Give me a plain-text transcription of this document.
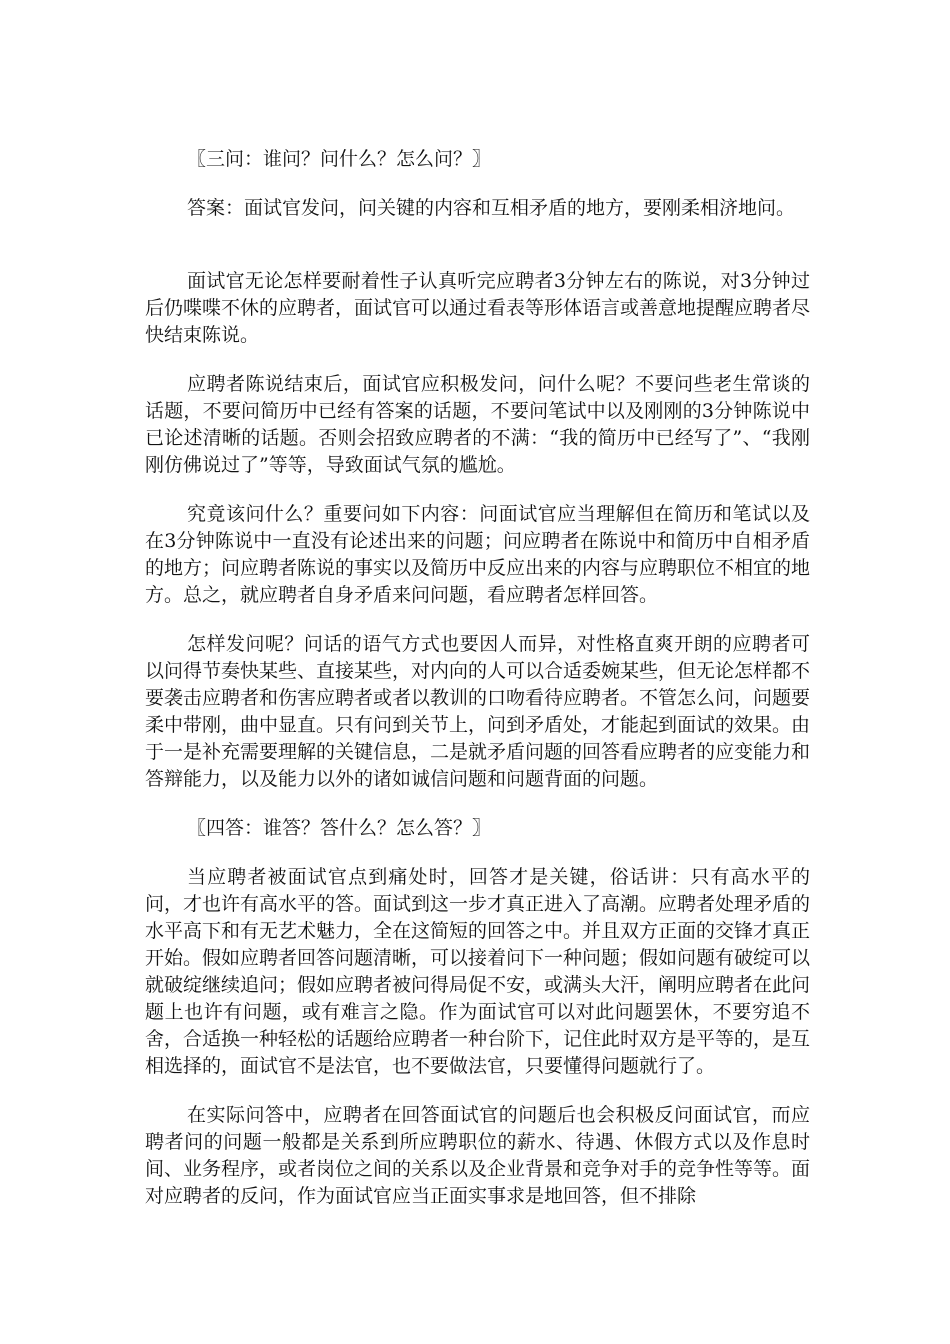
〖三问：谁问？问什么？怎么问？〗

答案：面试官发问，问关键的内容和互相矛盾的地方，要刚柔相济地问。

面试官无论怎样要耐着性子认真听完应聘者3分钟左右的陈说，对3分钟过后仍喋喋不休的应聘者，面试官可以通过看表等形体语言或善意地提醒应聘者尽快结束陈说。

应聘者陈说结束后，面试官应积极发问，问什么呢？不要问些老生常谈的话题，不要问简历中已经有答案的话题，不要问笔试中以及刚刚的3分钟陈说中已论述清晰的话题。否则会招致应聘者的不满：“我的简历中已经写了”、“我刚刚仿佛说过了”等等，导致面试气氛的尴尬。

究竟该问什么？重要问如下内容：问面试官应当理解但在简历和笔试以及在3分钟陈说中一直没有论述出来的问题；问应聘者在陈说中和简历中自相矛盾的地方；问应聘者陈说的事实以及简历中反应出来的内容与应聘职位不相宜的地方。总之，就应聘者自身矛盾来问问题，看应聘者怎样回答。

怎样发问呢？问话的语气方式也要因人而异，对性格直爽开朗的应聘者可以问得节奏快某些、直接某些，对内向的人可以合适委婉某些，但无论怎样都不要袭击应聘者和伤害应聘者或者以教训的口吻看待应聘者。不管怎么问，问题要柔中带刚，曲中显直。只有问到关节上，问到矛盾处，才能起到面试的效果。由于一是补充需要理解的关键信息，二是就矛盾问题的回答看应聘者的应变能力和答辩能力，以及能力以外的诸如诚信问题和问题背面的问题。

〖四答：谁答？答什么？怎么答？〗

当应聘者被面试官点到痛处时，回答才是关键，俗话讲：只有高水平的问，才也许有高水平的答。面试到这一步才真正进入了高潮。应聘者处理矛盾的水平高下和有无艺术魅力，全在这简短的回答之中。并且双方正面的交锋才真正开始。假如应聘者回答问题清晰，可以接着问下一种问题；假如问题有破绽可以就破绽继续追问；假如应聘者被问得局促不安，或满头大汗，阐明应聘者在此问题上也许有问题，或有难言之隐。作为面试官可以对此问题罢休，不要穷追不舍，合适换一种轻松的话题给应聘者一种台阶下，记住此时双方是平等的，是互相选择的，面试官不是法官，也不要做法官，只要懂得问题就行了。

在实际问答中，应聘者在回答面试官的问题后也会积极反问面试官，而应聘者问的问题一般都是关系到所应聘职位的薪水、待遇、休假方式以及作息时间、业务程序，或者岗位之间的关系以及企业背景和竞争对手的竞争性等等。面对应聘者的反问，作为面试官应当正面实事求是地回答，但不排除
